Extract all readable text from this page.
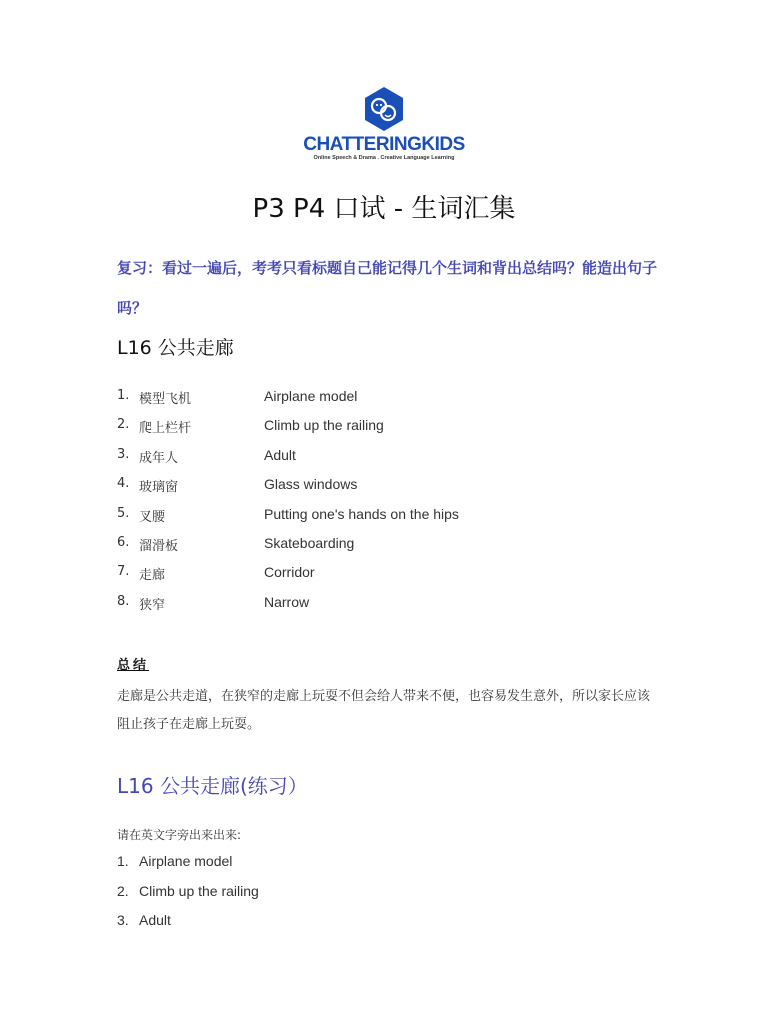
CHATTERINGKIDS
Online Speech & Drama . Creative Language Learning
P3 P4 口试 - 生词汇集
复习：看过一遍后，考考只看标题自己能记得几个生词和背出总结吗？能造出句子吗？
L16 公共走廊
1. 模型飞机	Airplane model
2. 爬上栏杆	Climb up the railing
3. 成年人	Adult
4. 玻璃窗	Glass windows
5. 叉腰	Putting one's hands on the hips
6. 溜滑板	Skateboarding
7. 走廊	Corridor
8. 狭窄	Narrow
总结
走廊是公共走道，在狭窄的走廊上玩耍不但会给人带来不便，也容易发生意外，所以家长应该阻止孩子在走廊上玩耍。
L16 公共走廊(练习）
请在英文字旁出来出来:
1. Airplane model
2. Climb up the railing
3. Adult
